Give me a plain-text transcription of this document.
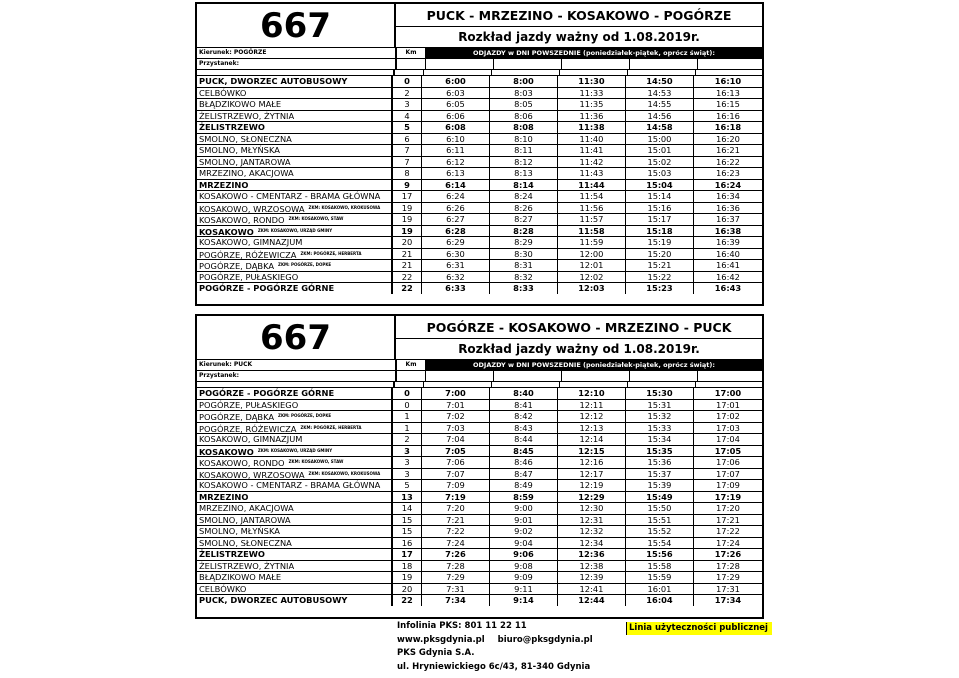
667	PUCK - MRZEZINO - KOSAKOWO - POGÓRZE
Rozkład jazdy ważny od 1.08.2019r.
Kierunek: POGÓRZE	Km	ODJAZDY w DNI POWSZEDNIE (poniedziałek-piątek, oprócz świąt):
Przystanek:
PUCK, DWORZEC AUTOBUSOWY	0	6:00	8:00	11:30	14:50	16:10
CELBÓWKO	2	6:03	8:03	11:33	14:53	16:13
BŁĄDZIKOWO MAŁE	3	6:05	8:05	11:35	14:55	16:15
ŻELISTRZEWO, ŻYTNIA	4	6:06	8:06	11:36	14:56	16:16
ŻELISTRZEWO	5	6:08	8:08	11:38	14:58	16:18
SMOLNO, SŁONECZNA	6	6:10	8:10	11:40	15:00	16:20
SMOLNO, MŁYŃSKA	7	6:11	8:11	11:41	15:01	16:21
SMOLNO, JANTAROWA	7	6:12	8:12	11:42	15:02	16:22
MRZEZINO, AKACJOWA	8	6:13	8:13	11:43	15:03	16:23
MRZEZINO	9	6:14	8:14	11:44	15:04	16:24
KOSAKOWO - CMENTARZ - BRAMA GŁÓWNA	17	6:24	8:24	11:54	15:14	16:34
KOSAKOWO, WRZOSOWA $^{ZKM: KOSAKOWO, KROKUSOWA}$	19	6:26	8:26	11:56	15:16	16:36
KOSAKOWO, RONDO $^{ZKM: KOSAKOWO, STAW}$	19	6:27	8:27	11:57	15:17	16:37
KOSAKOWO $^{ZKM: KOSAKOWO, URZĄD GMINY}$	19	6:28	8:28	11:58	15:18	16:38
KOSAKOWO, GIMNAZJUM	20	6:29	8:29	11:59	15:19	16:39
POGÓRZE, RÓŻEWICZA $^{ZKM: POGÓRZE, HERBERTA}$	21	6:30	8:30	12:00	15:20	16:40
POGÓRZE, DĄBKA $^{ZKM: POGÓRZE, DOPKE}$	21	6:31	8:31	12:01	15:21	16:41
POGÓRZE, PUŁASKIEGO	22	6:32	8:32	12:02	15:22	16:42
POGÓRZE - POGÓRZE GÓRNE	22	6:33	8:33	12:03	15:23	16:43
667	POGÓRZE - KOSAKOWO - MRZEZINO - PUCK
Rozkład jazdy ważny od 1.08.2019r.
Kierunek: PUCK	Km	ODJAZDY w DNI POWSZEDNIE (poniedziałek-piątek, oprócz świąt):
Przystanek:
POGÓRZE - POGÓRZE GÓRNE	0	7:00	8:40	12:10	15:30	17:00
POGÓRZE, PUŁASKIEGO	0	7:01	8:41	12:11	15:31	17:01
POGÓRZE, DĄBKA $^{ZKM: POGÓRZE, DOPKE}$	1	7:02	8:42	12:12	15:32	17:02
POGÓRZE, RÓŻEWICZA $^{ZKM: POGÓRZE, HERBERTA}$	1	7:03	8:43	12:13	15:33	17:03
KOSAKOWO, GIMNAZJUM	2	7:04	8:44	12:14	15:34	17:04
KOSAKOWO $^{ZKM: KOSAKOWO, URZĄD GMINY}$	3	7:05	8:45	12:15	15:35	17:05
KOSAKOWO, RONDO $^{ZKM: KOSAKOWO, STAW}$	3	7:06	8:46	12:16	15:36	17:06
KOSAKOWO, WRZOSOWA $^{ZKM: KOSAKOWO, KROKUSOWA}$	3	7:07	8:47	12:17	15:37	17:07
KOSAKOWO - CMENTARZ - BRAMA GŁÓWNA	5	7:09	8:49	12:19	15:39	17:09
MRZEZINO	13	7:19	8:59	12:29	15:49	17:19
MRZEZINO, AKACJOWA	14	7:20	9:00	12:30	15:50	17:20
SMOLNO, JANTAROWA	15	7:21	9:01	12:31	15:51	17:21
SMOLNO, MŁYŃSKA	15	7:22	9:02	12:32	15:52	17:22
SMOLNO, SŁONECZNA	16	7:24	9:04	12:34	15:54	17:24
ŻELISTRZEWO	17	7:26	9:06	12:36	15:56	17:26
ŻELISTRZEWO, ŻYTNIA	18	7:28	9:08	12:38	15:58	17:28
BŁĄDZIKOWO MAŁE	19	7:29	9:09	12:39	15:59	17:29
CELBÓWKO	20	7:31	9:11	12:41	16:01	17:31
PUCK, DWORZEC AUTOBUSOWY	22	7:34	9:14	12:44	16:04	17:34
Infolinia PKS: 801 11 22 11
www.pksgdynia.pl biuro@pksgdynia.pl
PKS Gdynia S.A.
ul. Hryniewickiego 6c/43, 81-340 Gdynia
Linia użyteczności publicznej
